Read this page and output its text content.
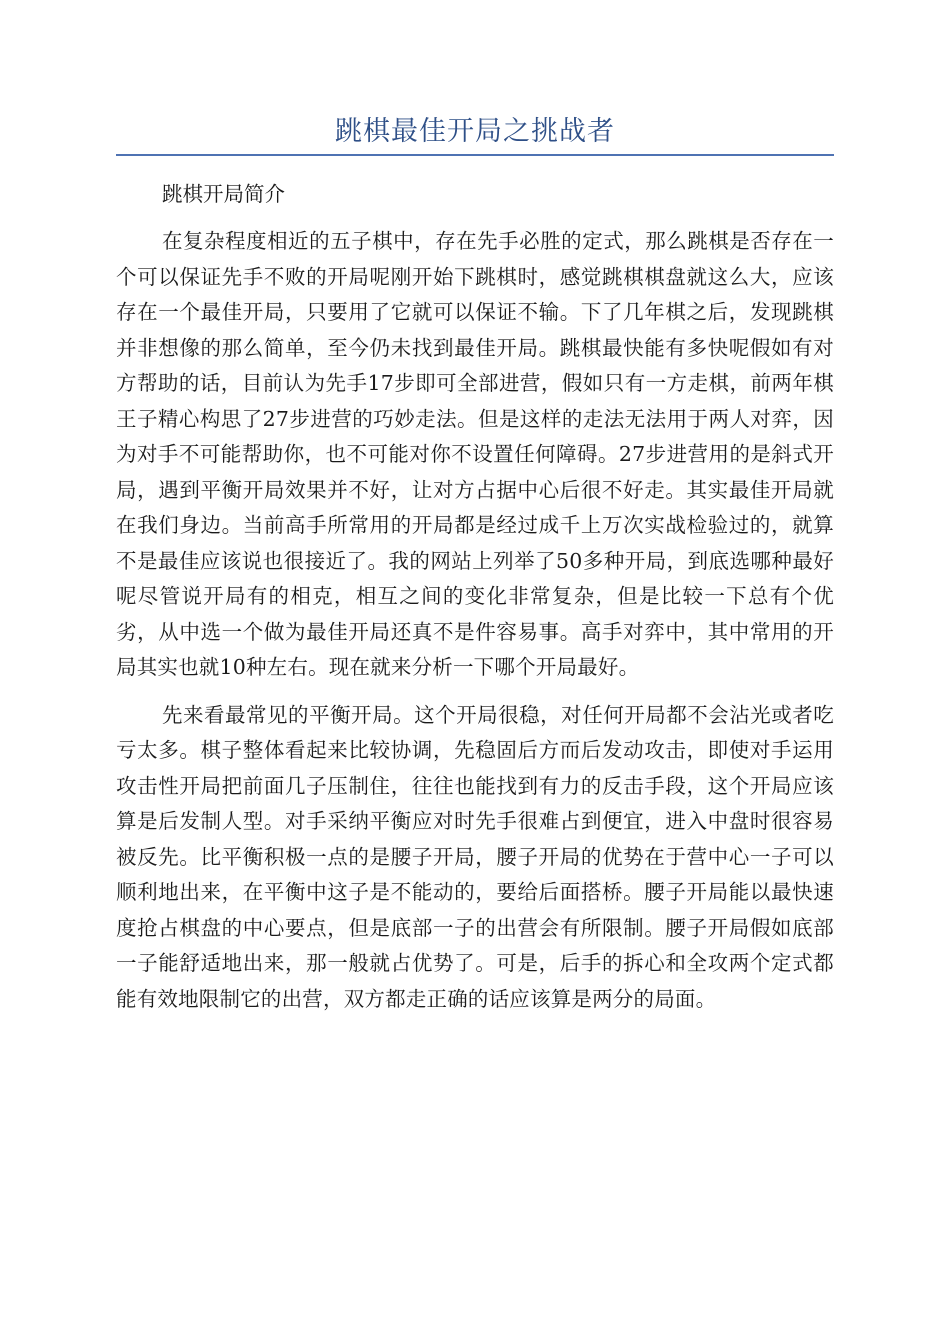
跳棋最佳开局之挑战者

跳棋开局简介

在复杂程度相近的五子棋中，存在先手必胜的定式，那么跳棋是否存在一个可以保证先手不败的开局呢刚开始下跳棋时，感觉跳棋棋盘就这么大，应该存在一个最佳开局，只要用了它就可以保证不输。下了几年棋之后，发现跳棋并非想像的那么简单，至今仍未找到最佳开局。跳棋最快能有多快呢假如有对方帮助的话，目前认为先手17步即可全部进营，假如只有一方走棋，前两年棋王子精心构思了27步进营的巧妙走法。但是这样的走法无法用于两人对弈，因为对手不可能帮助你，也不可能对你不设置任何障碍。27步进营用的是斜式开局，遇到平衡开局效果并不好，让对方占据中心后很不好走。其实最佳开局就在我们身边。当前高手所常用的开局都是经过成千上万次实战检验过的，就算不是最佳应该说也很接近了。我的网站上列举了50多种开局，到底选哪种最好呢尽管说开局有的相克，相互之间的变化非常复杂，但是比较一下总有个优劣，从中选一个做为最佳开局还真不是件容易事。高手对弈中，其中常用的开局其实也就10种左右。现在就来分析一下哪个开局最好。

先来看最常见的平衡开局。这个开局很稳，对任何开局都不会沾光或者吃亏太多。棋子整体看起来比较协调，先稳固后方而后发动攻击，即使对手运用攻击性开局把前面几子压制住，往往也能找到有力的反击手段，这个开局应该算是后发制人型。对手采纳平衡应对时先手很难占到便宜，进入中盘时很容易被反先。比平衡积极一点的是腰子开局，腰子开局的优势在于营中心一子可以顺利地出来，在平衡中这子是不能动的，要给后面搭桥。腰子开局能以最快速度抢占棋盘的中心要点，但是底部一子的出营会有所限制。腰子开局假如底部一子能舒适地出来，那一般就占优势了。可是，后手的拆心和全攻两个定式都能有效地限制它的出营，双方都走正确的话应该算是两分的局面。
